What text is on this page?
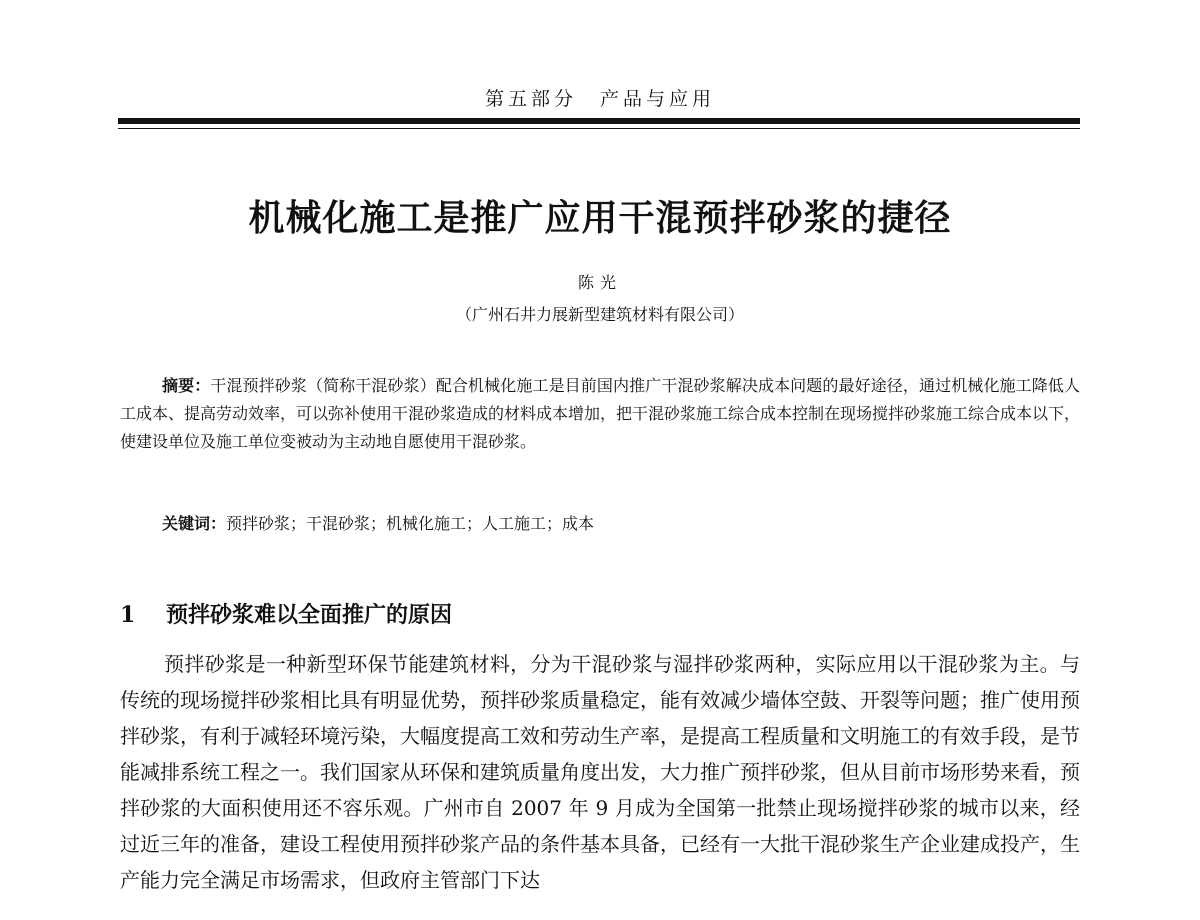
第五部分　产品与应用
机械化施工是推广应用干混预拌砂浆的捷径
陈光
（广州石井力展新型建筑材料有限公司）
摘要：干混预拌砂浆（简称干混砂浆）配合机械化施工是目前国内推广干混砂浆解决成本问题的最好途径，通过机械化施工降低人工成本、提高劳动效率，可以弥补使用干混砂浆造成的材料成本增加，把干混砂浆施工综合成本控制在现场搅拌砂浆施工综合成本以下，使建设单位及施工单位变被动为主动地自愿使用干混砂浆。
关键词：预拌砂浆；干混砂浆；机械化施工；人工施工；成本
1 预拌砂浆难以全面推广的原因
预拌砂浆是一种新型环保节能建筑材料，分为干混砂浆与湿拌砂浆两种，实际应用以干混砂浆为主。与传统的现场搅拌砂浆相比具有明显优势，预拌砂浆质量稳定，能有效减少墙体空鼓、开裂等问题；推广使用预拌砂浆，有利于减轻环境污染，大幅度提高工效和劳动生产率，是提高工程质量和文明施工的有效手段，是节能减排系统工程之一。我们国家从环保和建筑质量角度出发，大力推广预拌砂浆，但从目前市场形势来看，预拌砂浆的大面积使用还不容乐观。广州市自 2007 年 9 月成为全国第一批禁止现场搅拌砂浆的城市以来，经过近三年的准备，建设工程使用预拌砂浆产品的条件基本具备，已经有一大批干混砂浆生产企业建成投产，生产能力完全满足市场需求，但政府主管部门下达
